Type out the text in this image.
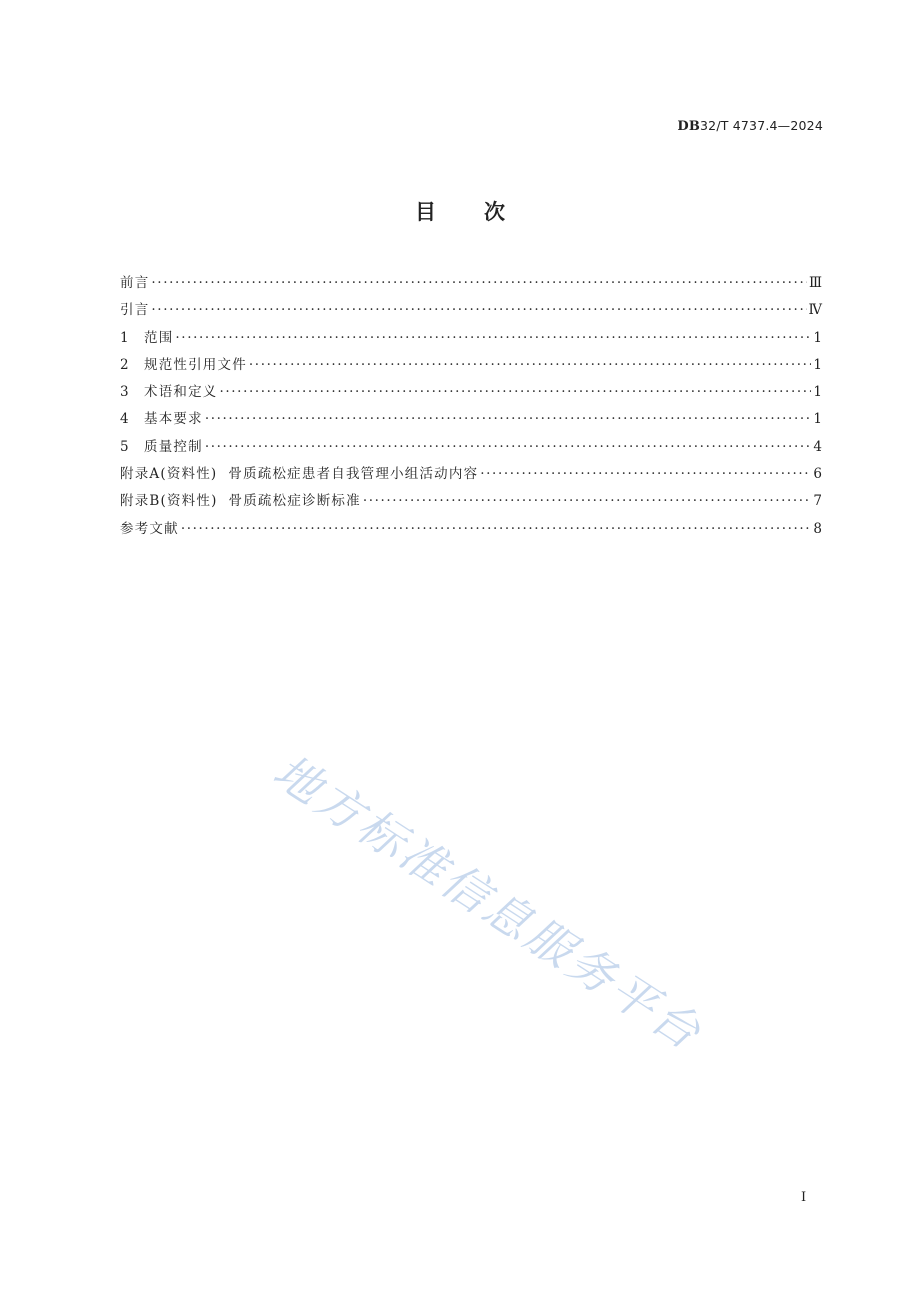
DB32/T 4737.4—2024
目次
前言 ·····	Ⅲ
引言 ·····	Ⅳ
1	范围 ·····	1
2	规范性引用文件 ·····	1
3	术语和定义 ·····	1
4	基本要求 ·····	1
5	质量控制 ·····	4
附录A(资料性)  骨质疏松症患者自我管理小组活动内容 ·····	6
附录B(资料性)  骨质疏松症诊断标准 ·····	7
参考文献 ·····	8
地方标准信息服务平台
I
